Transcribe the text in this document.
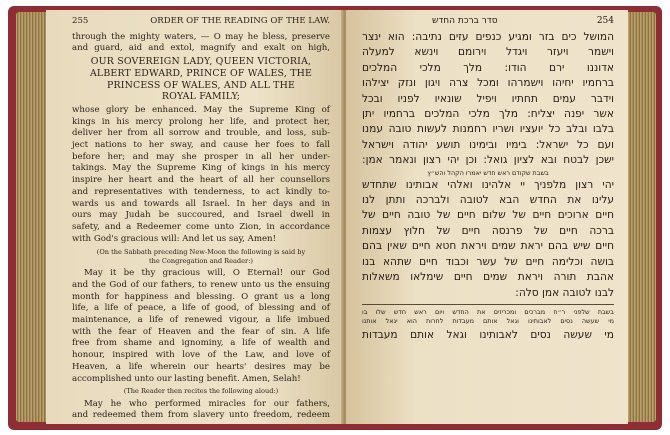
255	ORDER OF THE READING OF THE LAW.
through the mighty waters, — O may he bless, preserve
and guard, aid and extol, magnify and exalt on high,
OUR SOVEREIGN LADY, QUEEN VICTORIA,
ALBERT EDWARD, PRINCE OF WALES, THE
PRINCESS OF WALES, AND ALL THE
ROYAL FAMILY;
whose glory be enhanced. May the Supreme King of
kings in his mercy prolong her life, and protect her,
deliver her from all sorrow and trouble, and loss, sub-
ject nations to her sway, and cause her foes to fall
before her; and may she prosper in all her under-
takings. May the Supreme King of kings in his mercy
inspire her heart and the heart of all her counsellors
and representatives with tenderness, to act kindly to-
wards us and towards all Israel. In her days and in
ours may Judah be succoured, and Israel dwell in
safety, and a Redeemer come unto Zion, in accordance
with God's gracious will: And let us say, Amen!
(On the Sabbath preceding New-Moon the following is said by
the Congregation and Reader:)
May it be thy gracious will, O Eternal! our God
and the God of our fathers, to renew unto us the ensuing
month for happiness and blessing. O grant us a long
life, a life of peace, a life of good, of blessing and of
maintenance, a life of renewed vigour, a life imbued
with the fear of Heaven and the fear of sin. A life
free from shame and ignominy, a life of wealth and
honour, inspired with love of the Law, and love of
Heaven, a life wherein our hearts' desires may be
accomplished unto our lasting benefit. Amen, Selah!
(The Reader then recites the following aloud:)
May he who performed miracles for our fathers,
and redeemed them from slavery unto freedom, redeem
סדר ברכת החדש	254
המושל כים בזר ומגיע כנפים עזים נתיבה: הוא ינצר
וישמר ויעזר ויגדל וירומם וינשא למעלה
אדוננו ירם הודו: מלך מלכי המלכים
ברחמיו יחיהו וישמרהו ומכל צרה ויגון ונזק יצילהו
וידבר עמים תחתיו ויפיל שונאיו לפניו ובכל
אשר יפנה יצליח: מלך מלכי המלכים ברחמיו יתן
בלבו ובלב כל יועציו ושריו רחמנות לעשות טובה עמנו
ועם כל ישראל: בימיו ובימינו תושע יהודה וישראל
ישכן לבטח ובא לציון גואל: וכן יהי רצון ונאמר אמן:
בשבת שקודם ראש חדש יאמרו הקהל והש״ץ
יהי רצון מלפניך יי אלהינו ואלהי אבותינו שתחדש
עלינו את החדש הבא לטובה ולברכה ותתן לנו
חיים ארוכים חיים של שלום חיים של טובה חיים של
ברכה חיים של פרנסה חיים של חלוץ עצמות
חיים שיש בהם יראת שמים ויראת חטא חיים שאין בהם
בושה וכלימה חיים של עשר וכבוד חיים שתהא בנו
אהבת תורה ויראת שמים חיים שימלאו משאלות
לבנו לטובה אמן סלה:
בשבת שלפני ר״ח מברכים ומכריזים את החדש ויום ראש חדש שלו בו
מי שעשה נסים לאבותינו וגאל אותם מעבדות לחרות הוא יגאל אותנו
מי שעשה נסים לאבותינו וגאל אותם מעבדות
